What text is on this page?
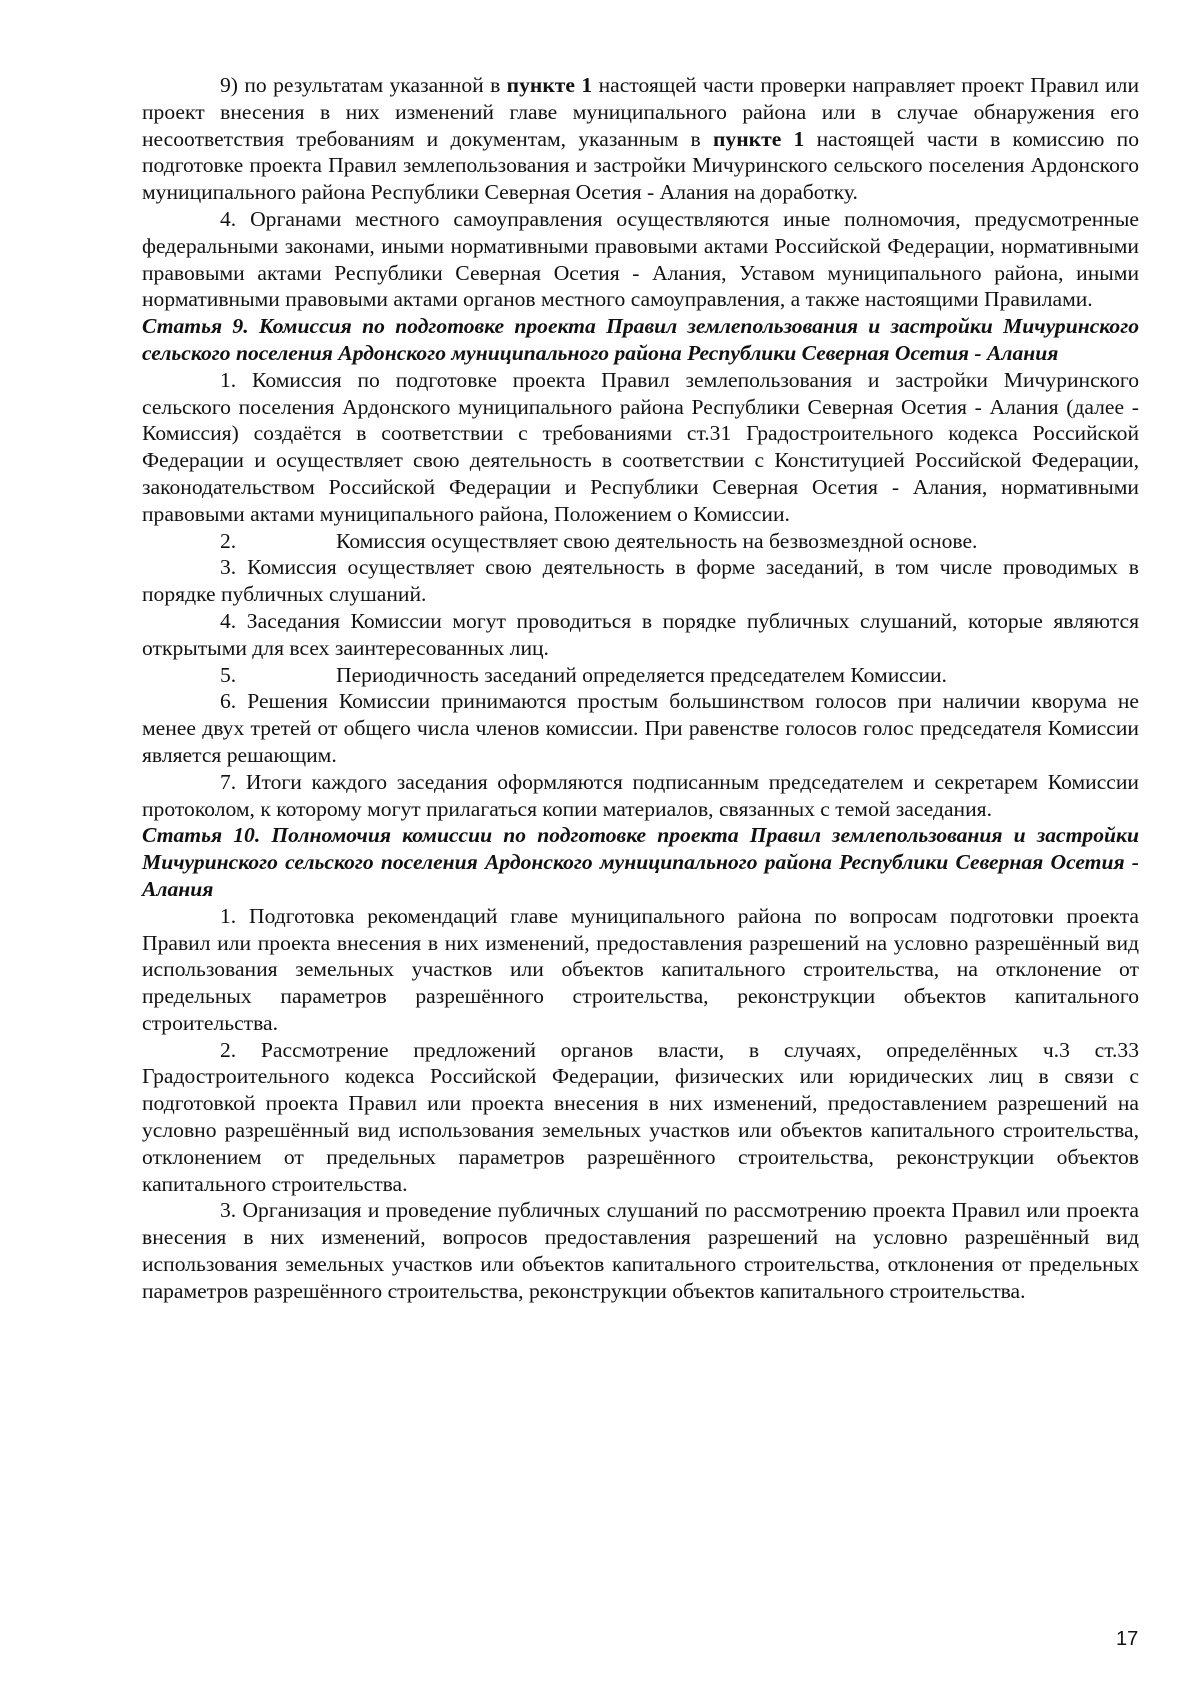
9) по результатам указанной в пункте 1 настоящей части проверки направляет проект Правил или проект внесения в них изменений главе муниципального района или в случае обнаружения его несоответствия требованиям и документам, указанным в пункте 1 настоящей части в комиссию по подготовке проекта Правил землепользования и застройки Мичуринского сельского поселения Ардонского муниципального района Республики Северная Осетия - Алания на доработку.

4. Органами местного самоуправления осуществляются иные полномочия, предусмотренные федеральными законами, иными нормативными правовыми актами Российской Федерации, нормативными правовыми актами Республики Северная Осетия - Алания, Уставом муниципального района, иными нормативными правовыми актами органов местного самоуправления, а также настоящими Правилами.

Статья 9. Комиссия по подготовке проекта Правил землепользования и застройки Мичуринского сельского поселения Ардонского муниципального района Республики Северная Осетия - Алания

1. Комиссия по подготовке проекта Правил землепользования и застройки Мичуринского сельского поселения Ардонского муниципального района Республики Северная Осетия - Алания (далее - Комиссия) создаётся в соответствии с требованиями ст.31 Градостроительного кодекса Российской Федерации и осуществляет свою деятельность в соответствии с Конституцией Российской Федерации, законодательством Российской Федерации и Республики Северная Осетия - Алания, нормативными правовыми актами муниципального района, Положением о Комиссии.

2.	Комиссия осуществляет свою деятельность на безвозмездной основе.

3. Комиссия осуществляет свою деятельность в форме заседаний, в том числе проводимых в порядке публичных слушаний.

4. Заседания Комиссии могут проводиться в порядке публичных слушаний, которые являются открытыми для всех заинтересованных лиц.

5.	Периодичность заседаний определяется председателем Комиссии.

6. Решения Комиссии принимаются простым большинством голосов при наличии кворума не менее двух третей от общего числа членов комиссии. При равенстве голосов голос председателя Комиссии является решающим.

7. Итоги каждого заседания оформляются подписанным председателем и секретарем Комиссии протоколом, к которому могут прилагаться копии материалов, связанных с темой заседания.

Статья 10. Полномочия комиссии по подготовке проекта Правил землепользования и застройки Мичуринского сельского поселения Ардонского муниципального района Республики Северная Осетия - Алания

1. Подготовка рекомендаций главе муниципального района по вопросам подготовки проекта Правил или проекта внесения в них изменений, предоставления разрешений на условно разрешённый вид использования земельных участков или объектов капитального строительства, на отклонение от предельных параметров разрешённого строительства, реконструкции объектов капитального строительства.

2. Рассмотрение предложений органов власти, в случаях, определённых ч.3 ст.33 Градостроительного кодекса Российской Федерации, физических или юридических лиц в связи с подготовкой проекта Правил или проекта внесения в них изменений, предоставлением разрешений на условно разрешённый вид использования земельных участков или объектов капитального строительства, отклонением от предельных параметров разрешённого строительства, реконструкции объектов капитального строительства.

3. Организация и проведение публичных слушаний по рассмотрению проекта Правил или проекта внесения в них изменений, вопросов предоставления разрешений на условно разрешённый вид использования земельных участков или объектов капитального строительства, отклонения от предельных параметров разрешённого строительства, реконструкции объектов капитального строительства.

17
